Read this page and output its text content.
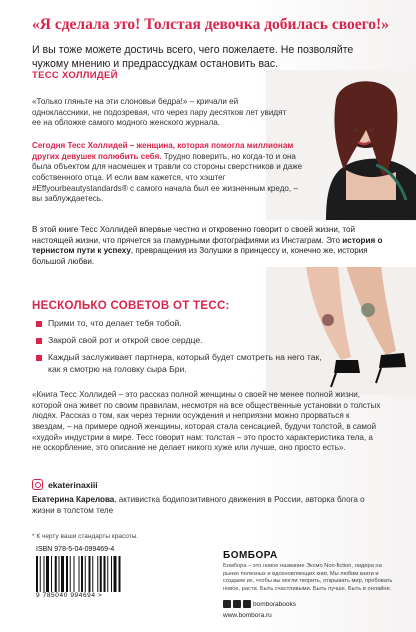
«Я сделала это! Толстая девочка добилась своего!»
И вы тоже можете достичь всего, чего пожелаете. Не позволяйте чужому мнению и предрассудкам остановить вас.
ТЕСС ХОЛЛИДЕЙ
«Только гляньте на эти слоновьи бедра!» – кричали ей одноклассники, не подозревая, что через пару десятков лет увидят ее на обложке самого модного женского журнала.
Сегодня Тесс Холлидей – женщина, которая помогла миллионам других девушек полюбить себя. Трудно поверить, но когда-то и она была объектом для насмешек и травли со стороны сверстников и даже собственного отца. И если вам кажется, что хэштег #Effyourbeautystandards® с самого начала был ее жизненным кредо, – вы заблуждаетесь.
В этой книге Тесс Холлидей впервые честно и откровенно говорит о своей жизни, той настоящей жизни, что прячется за гламурными фотографиями из Инстаграм. Это история о тернистом пути к успеху, превращения из Золушки в принцессу и, конечно же, история большой любви.
НЕСКОЛЬКО СОВЕТОВ ОТ ТЕСС:
Прими то, что делает тебя тобой.
Закрой свой рот и открой свое сердце.
Каждый заслуживает партнера, который будет смотреть на него так, как я смотрю на головку сыра Бри.
«Книга Тесс Холлидей – это рассказ полной женщины о своей не менее полной жизни, которой она живет по своим правилам, несмотря на все общественные установки о толстых людях. Рассказ о том, как через тернии осуждения и неприязни можно прорваться к звездам, – на примере одной женщины, которая стала сенсацией, будучи толстой, в самой «худой» индустрии в мире. Тесс говорит нам: толстая – это просто характеристика тела, а не оскорбление, это описание не делает никого хуже или лучше, оно просто есть».
ekaterinaxiii
Екатерина Карелова, активистка бодипозитивного движения в России, авторка блога о жизни в толстом теле
* К черту ваши стандарты красоты.
ISBN 978-5-04-099469-4
9 785040 994694 >
БОМБОРА
Бомбора – это новое название Эксмо Non-fiction, лидера на рынке полезных и вдохновляющих книг. Мы любим книги и создаем их, чтобы вы могли творить, открывать мир, пробовать новое, расти. Быть счастливыми. Быть лучше. Быть в онлайне.
bomborabooks
www.bombora.ru
